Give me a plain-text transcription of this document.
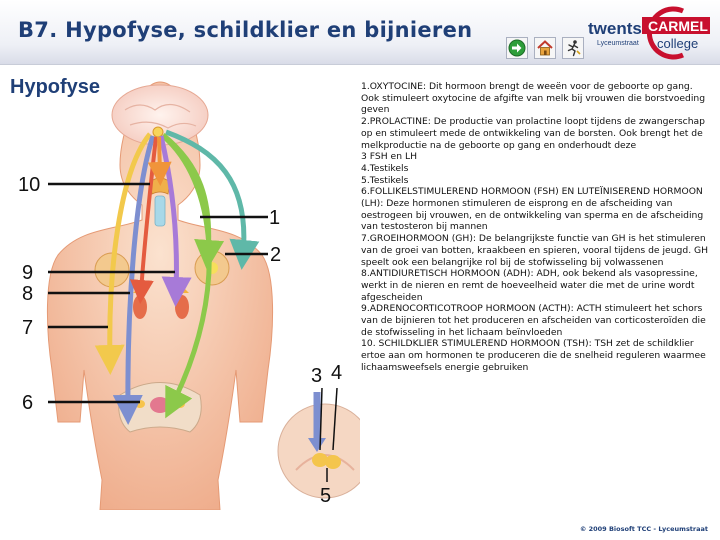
B7. Hypofyse, schildklier en bijnieren	twents CARMEL
Lyceumstraat college
Hypofyse
1
2
3 4
5
6
7
8
9
10

1.OXYTOCINE: Dit hormoon brengt de weeën voor de geboorte op gang. Ook stimuleert oxytocine de afgifte van melk bij vrouwen die borstvoeding geven

2.PROLACTINE: De productie van prolactine loopt tijdens de zwangerschap op en stimuleert mede de ontwikkeling van de borsten. Ook brengt het de melkproductie na de geboorte op gang en onderhoudt deze

3 FSH en LH

4.Testikels

5.Testikels

6.FOLLIKELSTIMULEREND HORMOON (FSH) EN LUTEÏNISEREND HORMOON (LH): Deze hormonen stimuleren de eisprong en de afscheiding van oestrogeen bij vrouwen, en de ontwikkeling van sperma en de afscheiding van testosteron bij mannen

7.GROEIHORMOON (GH): De belangrijkste functie van GH is het stimuleren van de groei van botten, kraakbeen en spieren, vooral tijdens de jeugd. GH speelt ook een belangrijke rol bij de stofwisseling bij volwassenen

8.ANTIDIURETISCH HORMOON (ADH): ADH, ook bekend als vasopressine, werkt in de nieren en remt de hoeveelheid water die met de urine wordt afgescheiden

9.ADRENOCORTICOTROOP HORMOON (ACTH): ACTH stimuleert het schors van de bijnieren tot het produceren en afscheiden van corticosteroïden die de stofwisseling in het lichaam beïnvloeden

10. SCHILDKLIER STIMULEREND HORMOON (TSH): TSH zet de schildklier ertoe aan om hormonen te produceren die de snelheid reguleren waarmee lichaamsweefsels energie gebruiken

© 2009 Biosoft TCC - Lyceumstraat
